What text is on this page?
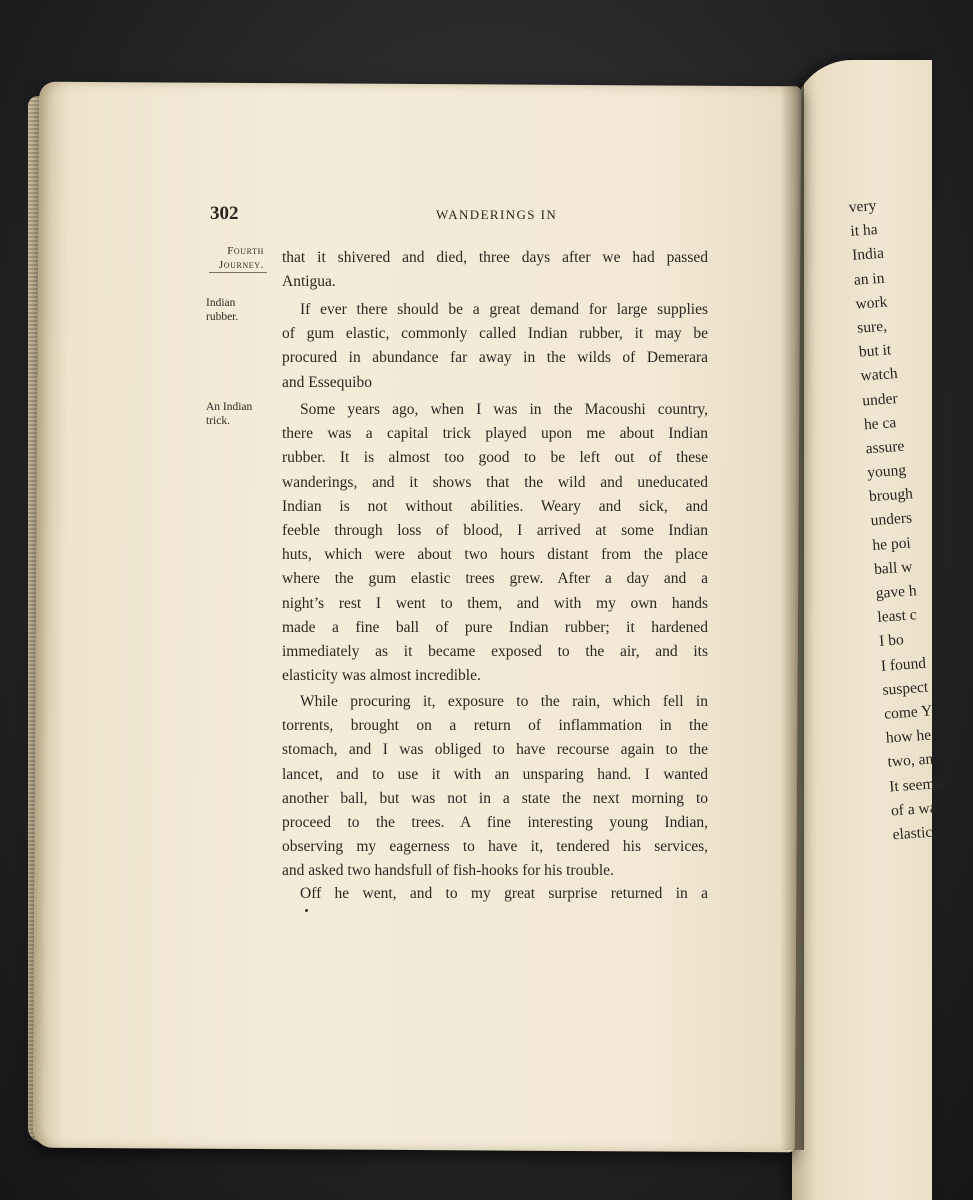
302	WANDERINGS IN
Fourth
Journey.
Indian
rubber.
An Indian
trick.
that it shivered and died, three days after we had passed
Antigua.
If ever there should be a great demand for large supplies
of gum elastic, commonly called Indian rubber, it may be
procured in abundance far away in the wilds of Demerara
and Essequibo
Some years ago, when I was in the Macoushi country,
there was a capital trick played upon me about Indian
rubber. It is almost too good to be left out of these
wanderings, and it shows that the wild and uneducated
Indian is not without abilities. Weary and sick, and
feeble through loss of blood, I arrived at some Indian
huts, which were about two hours distant from the place
where the gum elastic trees grew. After a day and a
night’s rest I went to them, and with my own hands
made a fine ball of pure Indian rubber; it hardened
immediately as it became exposed to the air, and its
elasticity was almost incredible.
While procuring it, exposure to the rain, which fell in
torrents, brought on a return of inflammation in the
stomach, and I was obliged to have recourse again to the
lancet, and to use it with an unsparing hand. I wanted
another ball, but was not in a state the next morning to
proceed to the trees. A fine interesting young Indian,
observing my eagerness to have it, tendered his services,
and asked two handsfull of fish-hooks for his trouble.
Off he went, and to my great surprise returned in a
very
it ha
India
an in
work
sure,
but it
watch
under
he ca
assure
young
brough
unders
he poi
ball w
gave h
least c
I bo
I found
suspect
come Y
how he
two, an
It seems
of a wa
elastic.
